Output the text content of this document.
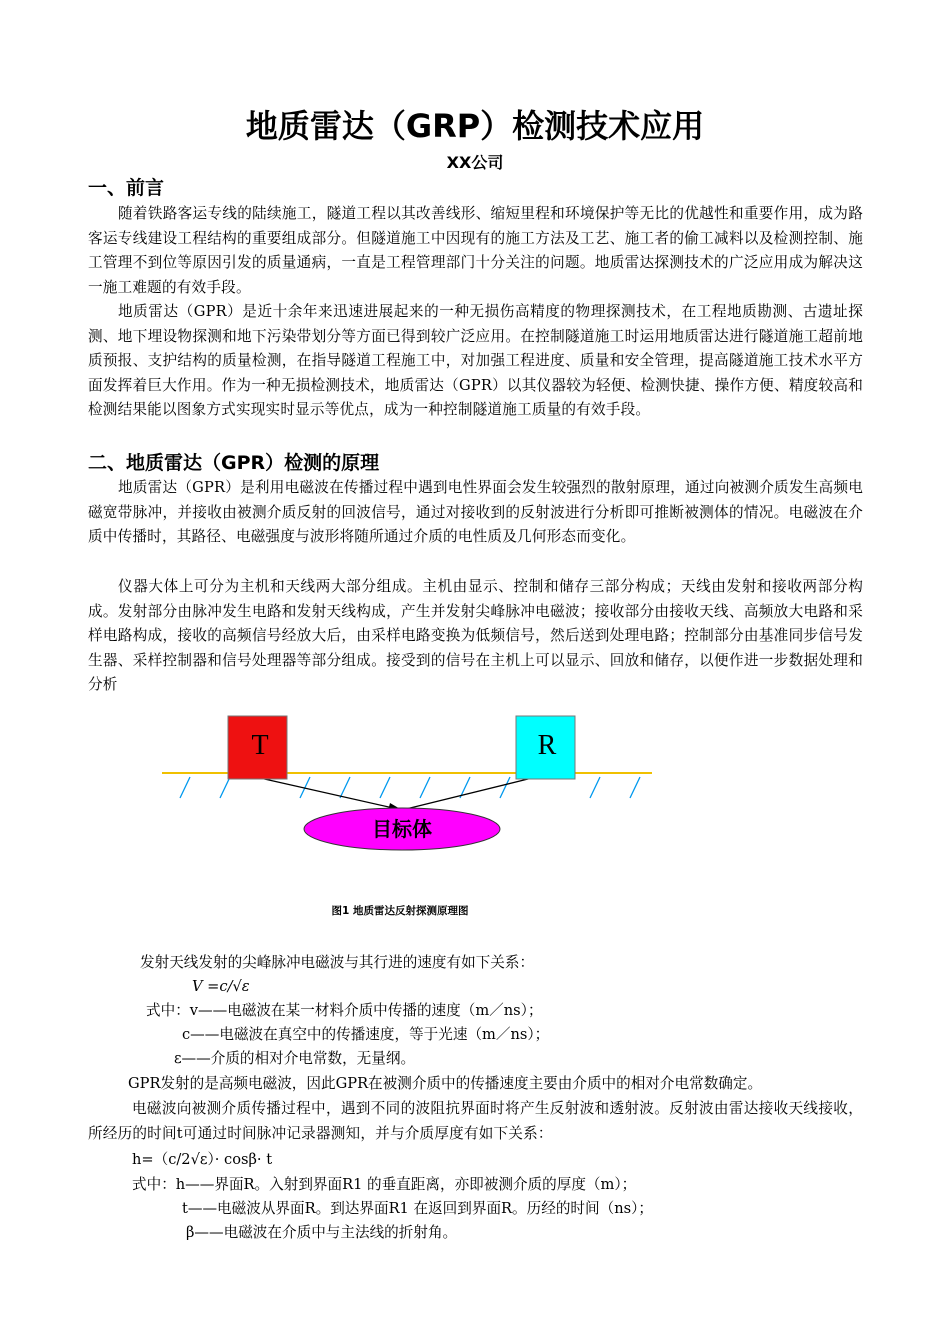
地质雷达（GRP）检测技术应用
XX公司
一、前言

随着铁路客运专线的陆续施工，隧道工程以其改善线形、缩短里程和环境保护等无比的优越性和重要作用，成为路客运专线建设工程结构的重要组成部分。但隧道施工中因现有的施工方法及工艺、施工者的偷工减料以及检测控制、施工管理不到位等原因引发的质量通病，一直是工程管理部门十分关注的问题。地质雷达探测技术的广泛应用成为解决这一施工难题的有效手段。

地质雷达（GPR）是近十余年来迅速进展起来的一种无损伤高精度的物理探测技术，在工程地质勘测、古遗址探测、地下埋设物探测和地下污染带划分等方面已得到较广泛应用。在控制隧道施工时运用地质雷达进行隧道施工超前地质预报、支护结构的质量检测，在指导隧道工程施工中，对加强工程进度、质量和安全管理，提高隧道施工技术水平方面发挥着巨大作用。作为一种无损检测技术，地质雷达（GPR）以其仪器较为轻便、检测快捷、操作方便、精度较高和检测结果能以图象方式实现实时显示等优点，成为一种控制隧道施工质量的有效手段。

二、地质雷达（GPR）检测的原理

地质雷达（GPR）是利用电磁波在传播过程中遇到电性界面会发生较强烈的散射原理，通过向被测介质发生高频电磁宽带脉冲，并接收由被测介质反射的回波信号，通过对接收到的反射波进行分析即可推断被测体的情况。电磁波在介质中传播时，其路径、电磁强度与波形将随所通过介质的电性质及几何形态而变化。

仪器大体上可分为主机和天线两大部分组成。主机由显示、控制和储存三部分构成；天线由发射和接收两部分构成。发射部分由脉冲发生电路和发射天线构成，产生并发射尖峰脉冲电磁波；接收部分由接收天线、高频放大电路和采样电路构成，接收的高频信号经放大后，由采样电路变换为低频信号，然后送到处理电路；控制部分由基准同步信号发生器、采样控制器和信号处理器等部分组成。接受到的信号在主机上可以显示、回放和储存，以便作进一步数据处理和分析

T	R
目标体
图1 地质雷达反射探测原理图

发射天线发射的尖峰脉冲电磁波与其行进的速度有如下关系：

V =c/√ε

式中：v——电磁波在某一材料介质中传播的速度（m／ns）；

c——电磁波在真空中的传播速度，等于光速（m／ns）；

ε——介质的相对介电常数，无量纲。

GPR发射的是高频电磁波，因此GPR在被测介质中的传播速度主要由介质中的相对介电常数确定。

电磁波向被测介质传播过程中，遇到不同的波阻抗界面时将产生反射波和透射波。反射波由雷达接收天线接收，所经历的时间t可通过时间脉冲记录器测知，并与介质厚度有如下关系：

h=（c/2√ε）· cosβ· t

式中：h——界面R。入射到界面R1 的垂直距离，亦即被测介质的厚度（m）；

t——电磁波从界面R。到达界面R1 在返回到界面R。历经的时间（ns）；

β——电磁波在介质中与主法线的折射角。
